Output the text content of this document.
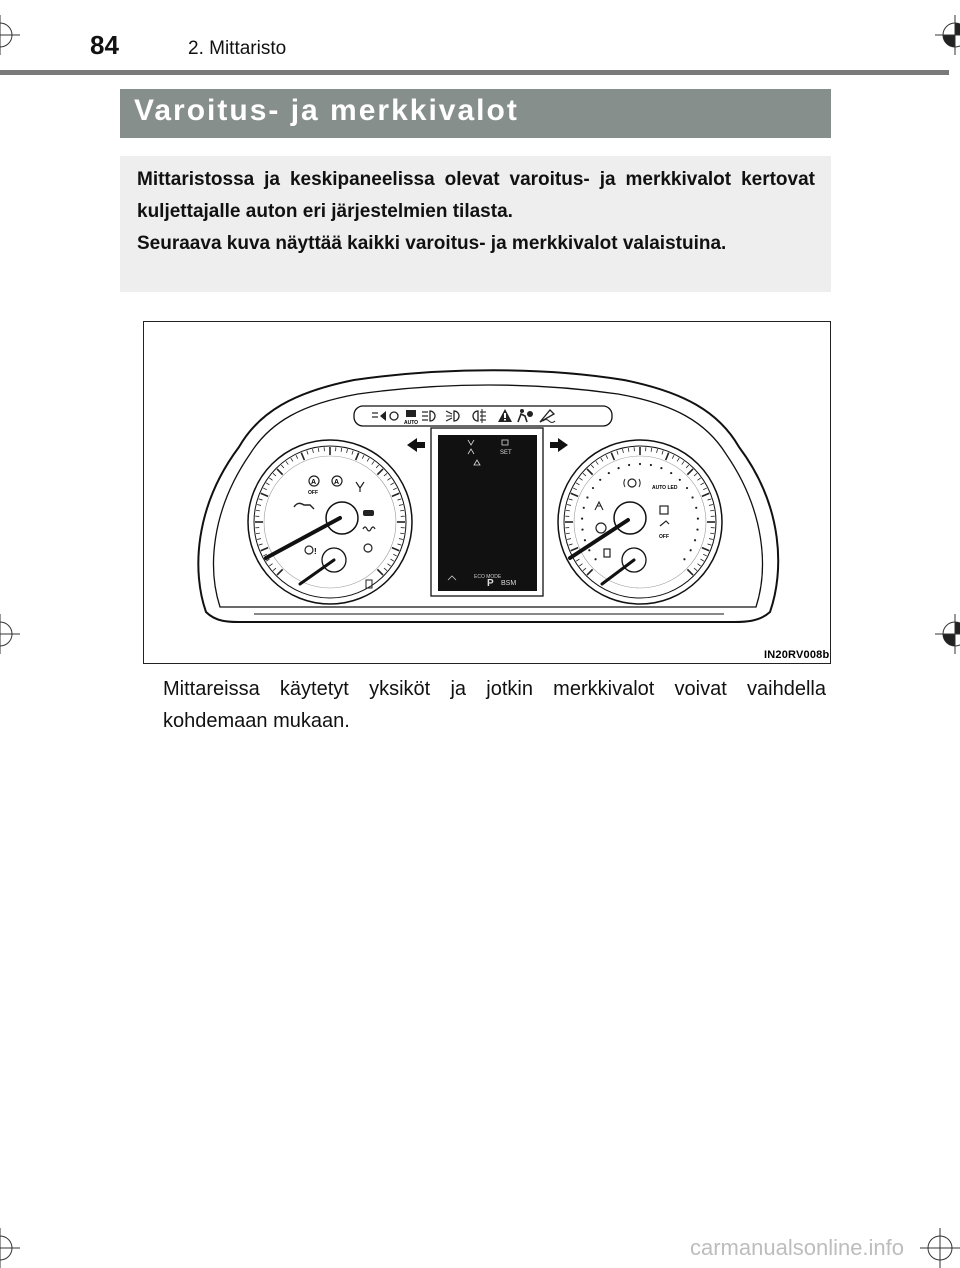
84	2. Mittaristo
Varoitus- ja merkkivalot

Mittaristossa ja keskipaneelissa olevat varoitus- ja merkkivalot kertovat kuljettajalle auton eri järjestelmien tilasta.

Seuraava kuva näyttää kaikki varoitus- ja merkkivalot valaistuina.

AUTO
A
OFF
A
!
SET
ECO MODE
P BSM
AUTO LED
OFF
IN20RV008b

Mittareissa käytetyt yksiköt ja jotkin merkkivalot voivat vaihdella kohdemaan mukaan.

carmanualsonline.info
